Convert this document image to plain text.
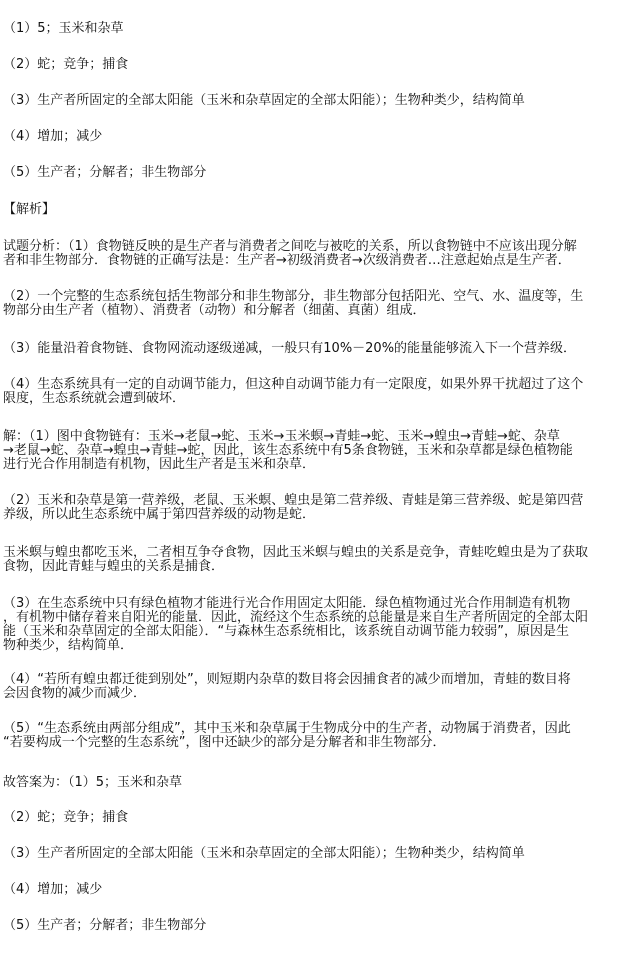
（1）5；玉米和杂草
（2）蛇；竞争；捕食
（3）生产者所固定的全部太阳能（玉米和杂草固定的全部太阳能）；生物种类少，结构简单
（4）增加；减少
（5）生产者；分解者；非生物部分
【解析】
试题分析：（1）食物链反映的是生产者与消费者之间吃与被吃的关系，所以食物链中不应该出现分解
者和非生物部分．食物链的正确写法是：生产者→初级消费者→次级消费者…注意起始点是生产者．
（2）一个完整的生态系统包括生物部分和非生物部分，非生物部分包括阳光、空气、水、温度等，生
物部分由生产者（植物）、消费者（动物）和分解者（细菌、真菌）组成．
（3）能量沿着食物链、食物网流动逐级递减，一般只有10%－20%的能量能够流入下一个营养级．
（4）生态系统具有一定的自动调节能力，但这种自动调节能力有一定限度，如果外界干扰超过了这个
限度，生态系统就会遭到破坏．
解：（1）图中食物链有：玉米→老鼠→蛇、玉米→玉米螟→青蛙→蛇、玉米→蝗虫→青蛙→蛇、杂草
→老鼠→蛇、杂草→蝗虫→青蛙→蛇，因此，该生态系统中有5条食物链，玉米和杂草都是绿色植物能
进行光合作用制造有机物，因此生产者是玉米和杂草．
（2）玉米和杂草是第一营养级，老鼠、玉米螟、蝗虫是第二营养级、青蛙是第三营养级、蛇是第四营
养级，所以此生态系统中属于第四营养级的动物是蛇．
玉米螟与蝗虫都吃玉米，二者相互争夺食物，因此玉米螟与蝗虫的关系是竞争，青蛙吃蝗虫是为了获取
食物，因此青蛙与蝗虫的关系是捕食．
（3）在生态系统中只有绿色植物才能进行光合作用固定太阳能．绿色植物通过光合作用制造有机物
，有机物中储存着来自阳光的能量．因此，流经这个生态系统的总能量是来自生产者所固定的全部太阳
能（玉米和杂草固定的全部太阳能）．“与森林生态系统相比，该系统自动调节能力较弱”，原因是生
物种类少，结构简单．
（4）“若所有蝗虫都迁徙到别处”，则短期内杂草的数目将会因捕食者的减少而增加，青蛙的数目将
会因食物的减少而减少．
（5）“生态系统由两部分组成”，其中玉米和杂草属于生物成分中的生产者，动物属于消费者，因此
“若要构成一个完整的生态系统”，图中还缺少的部分是分解者和非生物部分．
故答案为：（1）5；玉米和杂草
（2）蛇；竞争；捕食
（3）生产者所固定的全部太阳能（玉米和杂草固定的全部太阳能）；生物种类少，结构简单
（4）增加；减少
（5）生产者；分解者；非生物部分
